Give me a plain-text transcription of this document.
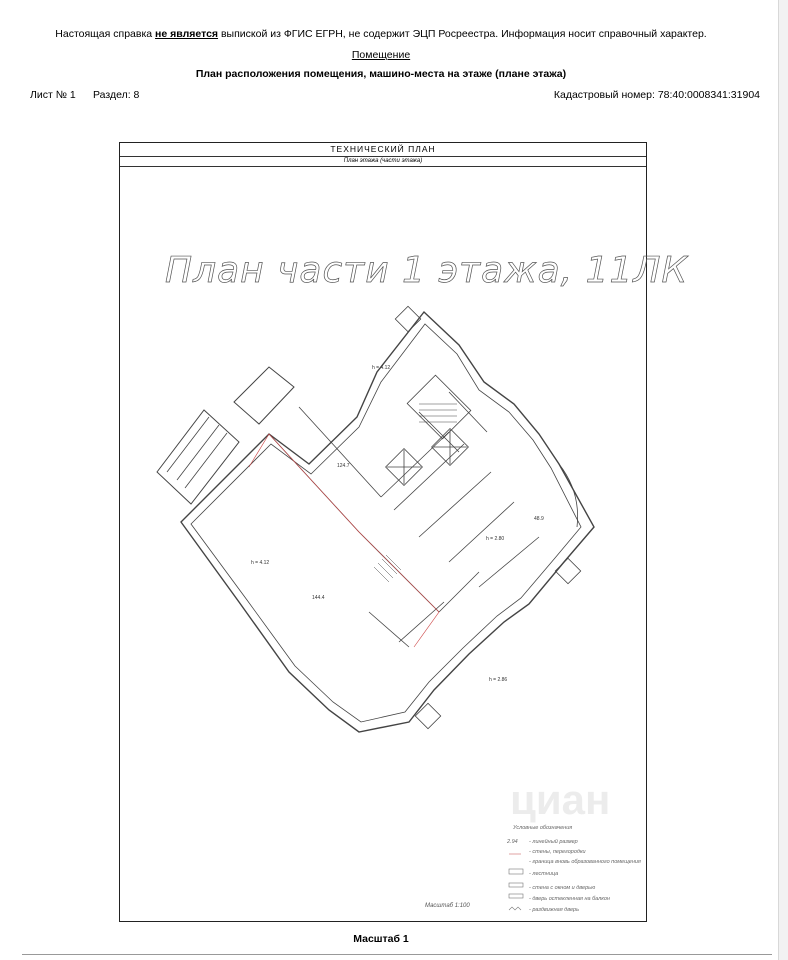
Настоящая справка не является выпиской из ФГИС ЕГРН, не содержит ЭЦП Росреестра. Информация носит справочный характер.
Помещение
План расположения помещения, машино-места на этаже (плане этажа)
Лист № 1 Раздел: 8	Кадастровый номер: 78:40:0008341:31904
ТЕХНИЧЕСКИЙ ПЛАН
План этажа (части этажа)
циан
План части 1 этажа, 11ЛК
h = 4.12
h = 4.12
h = 2.80
h = 2.86
144.4
124.7
48.9
Условные обозначения
2.94 - линейный размер
- стены, перегородки
- граница вновь образованного помещения
- лестница
- стена с окном и дверью
- дверь остекленная на балкон
- раздвижная дверь
Масштаб 1:100
Масштаб 1
